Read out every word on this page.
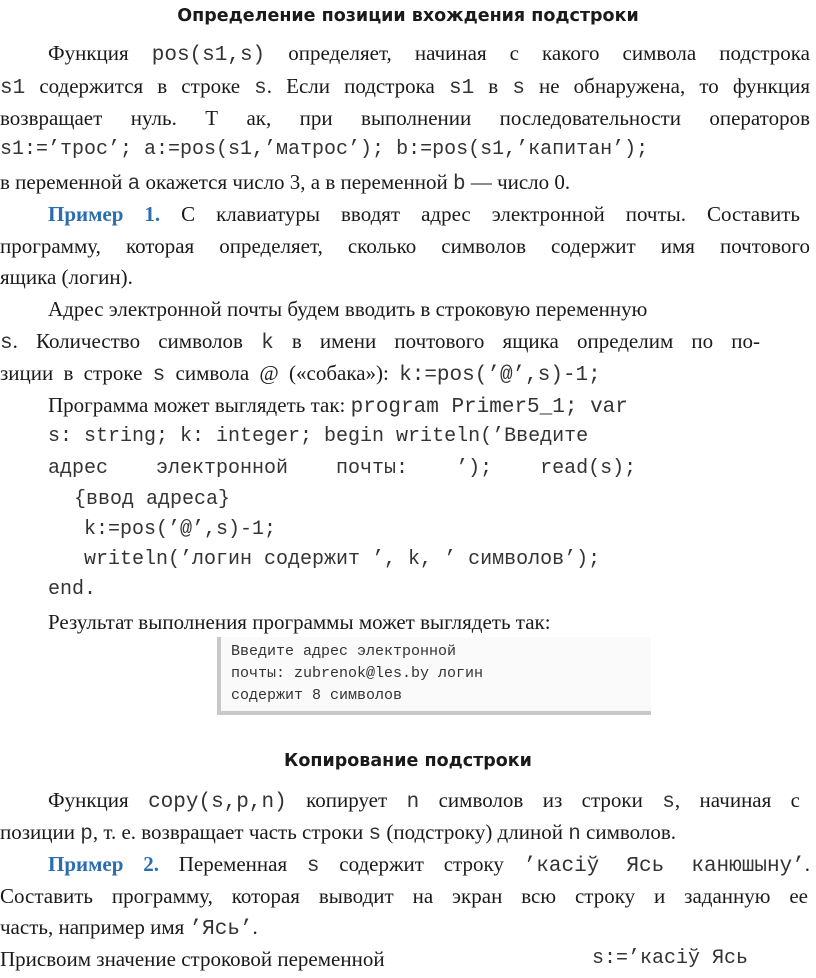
Определение позиции вхождения подстроки
Функция pos(s1,s) определяет, начиная с какого символа подстрока
s1 содержится в строке s. Если подстрока s1 в s не обнаружена, то функция
возвращает нуль. Т ак, при выполнении последовательности операторов
s1:=’трос’; a:=pos(s1,’матрос’); b:=pos(s1,’капитан’);
в переменной a окажется число 3, а в переменной b — число 0.
Пример 1. С клавиатуры вводят адрес электронной почты. Составить
программу, которая определяет, сколько символов содержит имя почтового
ящика (логин).
Адрес электронной почты будем вводить в строковую переменную
s. Количество символов k в имени почтового ящика определим по по-
зиции в строке s символа @ («собака»): k:=pos(’@’,s)-1;
Программа может выглядеть так: program Primer5_1; var
s: string; k: integer; begin writeln(’Введите
адрес    электронной    почты:    ’);    read(s);
{ввод адреса}
k:=pos(’@’,s)-1;
writeln(’логин содержит ’, k, ’ символов’);
end.
Результат выполнения программы может выглядеть так:
Введите адрес электронной
почты: zubrenok@les.by логин
содержит 8 символов
Копирование подстроки
Функция copy(s,p,n) копирует n символов из строки s, начиная с
позиции p, т. е. возвращает часть строки s (подстроку) длиной n символов.
Пример 2. Переменная s содержит строку ’касіў Ясь канюшыну’.
Составить программу, которая выводит на экран всю строку и заданную ее
часть, например имя ’Ясь’.
Присвоим значение строковой переменной	s:=’касіў Ясь
